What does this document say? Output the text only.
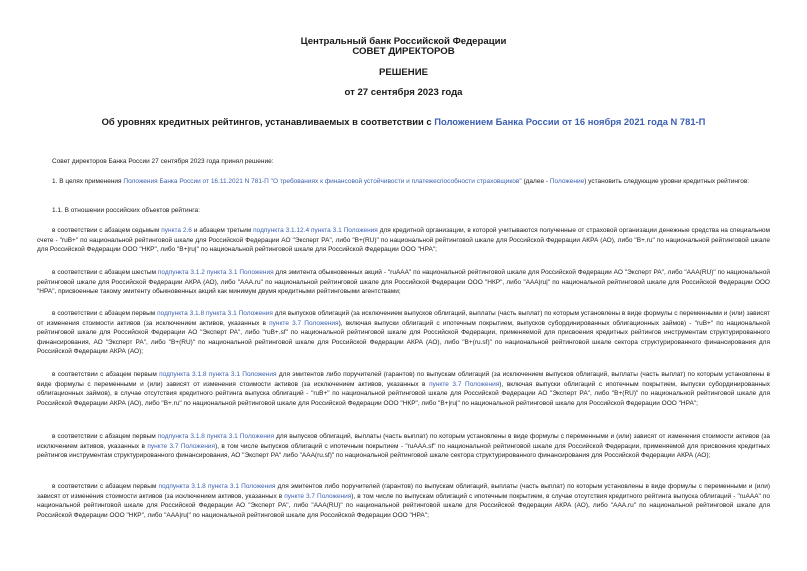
Центральный банк Российской Федерации
СОВЕТ ДИРЕКТОРОВ
РЕШЕНИЕ
от 27 сентября 2023 года
Об уровнях кредитных рейтингов, устанавливаемых в соответствии с Положением Банка России от 16 ноября 2021 года N 781-П
Совет директоров Банка России 27 сентября 2023 года принял решение:
1. В целях применения Положения Банка России от 16.11.2021 N 781-П "О требованиях к финансовой устойчивости и платежеспособности страховщиков" (далее - Положение) установить следующие уровни кредитных рейтингов:
1.1. В отношении российских объектов рейтинга:
в соответствии с абзацем седьмым пункта 2.6 и абзацем третьим подпункта 3.1.12.4 пункта 3.1 Положения для кредитной организации, в которой учитываются полученные от страховой организации денежные средства на специальном счете - "ruB+" по национальной рейтинговой шкале для Российской Федерации АО "Эксперт РА", либо "B+(RU)" по национальной рейтинговой шкале для Российской Федерации АКРА (АО), либо "B+.ru" по национальной рейтинговой шкале для Российской Федерации ООО "НКР", либо "B+|ru|" по национальной рейтинговой шкале для Российской Федерации ООО "НРА";
в соответствии с абзацем шестым подпункта 3.1.2 пункта 3.1 Положения для эмитента обыкновенных акций - "ruAAA" по национальной рейтинговой шкале для Российской Федерации АО "Эксперт РА", либо "AAA(RU)" по национальной рейтинговой шкале для Российской Федерации АКРА (АО), либо "AAA.ru" по национальной рейтинговой шкале для Российской Федерации ООО "НКР", либо "AAA|ru|" по национальной рейтинговой шкале для Российской Федерации ООО "НРА", присвоенные такому эмитенту обыкновенных акций как минимум двумя кредитными рейтинговыми агентствами;
в соответствии с абзацем первым подпункта 3.1.8 пункта 3.1 Положения для выпусков облигаций (за исключением выпусков облигаций, выплаты (часть выплат) по которым установлены в виде формулы с переменными и (или) зависят от изменения стоимости активов (за исключением активов, указанных в пункте 3.7 Положения), включая выпуски облигаций с ипотечным покрытием, выпусков субординированных облигационных займов) - "ruB+" по национальной рейтинговой шкале для Российской Федерации АО "Эксперт РА", либо "ruB+.sf" по национальной рейтинговой шкале для Российской Федерации, применяемой для присвоения кредитных рейтингов инструментам структурированного финансирования, АО "Эксперт РА", либо "B+(RU)" по национальной рейтинговой шкале для Российской Федерации АКРА (АО), либо "B+(ru.sf)" по национальной рейтинговой шкале сектора структурированного финансирования для Российской Федерации АКРА (АО);
в соответствии с абзацем первым подпункта 3.1.8 пункта 3.1 Положения для эмитентов либо поручителей (гарантов) по выпускам облигаций (за исключением выпусков облигаций, выплаты (часть выплат) по которым установлены в виде формулы с переменными и (или) зависят от изменения стоимости активов (за исключением активов, указанных в пункте 3.7 Положения), включая выпуски облигаций с ипотечным покрытием, выпуски субординированных облигационных займов), в случае отсутствия кредитного рейтинга выпуска облигаций - "ruB+" по национальной рейтинговой шкале для Российской Федерации АО "Эксперт РА", либо "B+(RU)" по национальной рейтинговой шкале для Российской Федерации АКРА (АО), либо "B+.ru" по национальной рейтинговой шкале для Российской Федерации ООО "НКР", либо "B+|ru|" по национальной рейтинговой шкале для Российской Федерации ООО "НРА";
в соответствии с абзацем первым подпункта 3.1.8 пункта 3.1 Положения для выпусков облигаций, выплаты (часть выплат) по которым установлены в виде формулы с переменными и (или) зависят от изменения стоимости активов (за исключением активов, указанных в пункте 3.7 Положения), в том числе выпусков облигаций с ипотечным покрытием - "ruAAA.sf" по национальной рейтинговой шкале для Российской Федерации, применяемой для присвоения кредитных рейтингов инструментам структурированного финансирования, АО "Эксперт РА" либо "AAA(ru.sf)" по национальной рейтинговой шкале сектора структурированного финансирования для Российской Федерации АКРА (АО);
в соответствии с абзацем первым подпункта 3.1.8 пункта 3.1 Положения для эмитентов либо поручителей (гарантов) по выпускам облигаций, выплаты (часть выплат) по которым установлены в виде формулы с переменными и (или) зависят от изменения стоимости активов (за исключением активов, указанных в пункте 3.7 Положения), в том числе по выпускам облигаций с ипотечным покрытием, в случае отсутствия кредитного рейтинга выпуска облигаций - "ruAAA" по национальной рейтинговой шкале для Российской Федерации АО "Эксперт РА", либо "AAA(RU)" по национальной рейтинговой шкале для Российской Федерации АКРА (АО), либо "AAA.ru" по национальной рейтинговой шкале для Российской Федерации ООО "НКР", либо "AAA|ru|" по национальной рейтинговой шкале для Российской Федерации ООО "НРА";
